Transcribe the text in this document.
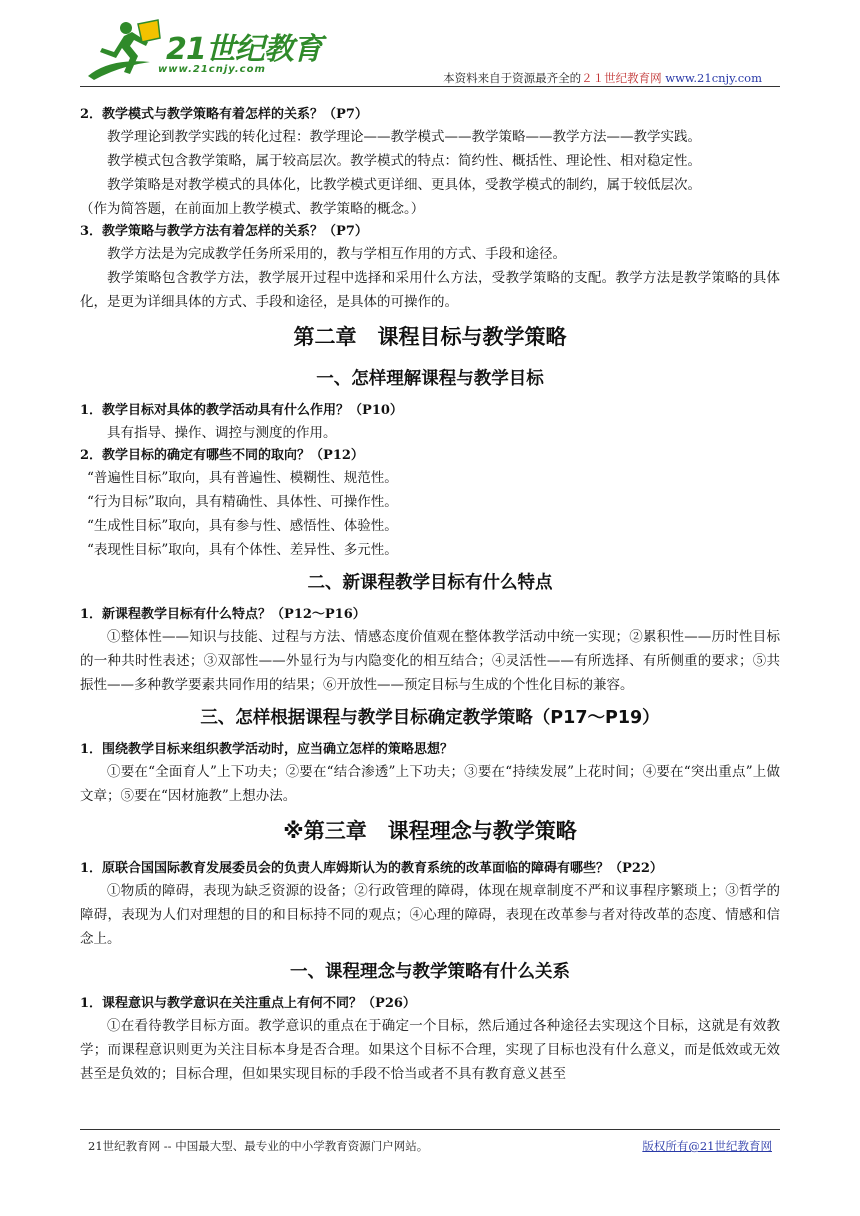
21世纪教育
www.21cnjy.com
本资料来自于资源最齐全的２１世纪教育网 www.21cnjy.com

2．教学模式与教学策略有着怎样的关系？（P7）

教学理论到教学实践的转化过程：教学理论——教学模式——教学策略——教学方法——教学实践。

教学模式包含教学策略，属于较高层次。教学模式的特点：简约性、概括性、理论性、相对稳定性。

教学策略是对教学模式的具体化，比教学模式更详细、更具体，受教学模式的制约，属于较低层次。

（作为简答题，在前面加上教学模式、教学策略的概念。）

3．教学策略与教学方法有着怎样的关系？（P7）

教学方法是为完成教学任务所采用的，教与学相互作用的方式、手段和途径。

教学策略包含教学方法，教学展开过程中选择和采用什么方法，受教学策略的支配。教学方法是教学策略的具体化，是更为详细具体的方式、手段和途径，是具体的可操作的。

第二章　课程目标与教学策略
一、怎样理解课程与教学目标

1．教学目标对具体的教学活动具有什么作用？（P10）

具有指导、操作、调控与测度的作用。

2．教学目标的确定有哪些不同的取向？（P12）

“普遍性目标”取向，具有普遍性、模糊性、规范性。

“行为目标”取向，具有精确性、具体性、可操作性。

“生成性目标”取向，具有参与性、感悟性、体验性。

“表现性目标”取向，具有个体性、差异性、多元性。

二、新课程教学目标有什么特点

1．新课程教学目标有什么特点？（P12～P16）

①整体性——知识与技能、过程与方法、情感态度价值观在整体教学活动中统一实现；②累积性——历时性目标的一种共时性表述；③双部性——外显行为与内隐变化的相互结合；④灵活性——有所选择、有所侧重的要求；⑤共振性——多种教学要素共同作用的结果；⑥开放性——预定目标与生成的个性化目标的兼容。

三、怎样根据课程与教学目标确定教学策略（P17～P19）

1．围绕教学目标来组织教学活动时，应当确立怎样的策略思想？

①要在“全面育人”上下功夫；②要在“结合渗透”上下功夫；③要在“持续发展”上花时间；④要在“突出重点”上做文章；⑤要在“因材施教”上想办法。

※第三章　课程理念与教学策略

1．原联合国国际教育发展委员会的负责人库姆斯认为的教育系统的改革面临的障碍有哪些？（P22）

①物质的障碍，表现为缺乏资源的设备；②行政管理的障碍，体现在规章制度不严和议事程序繁琐上；③哲学的障碍，表现为人们对理想的目的和目标持不同的观点；④心理的障碍，表现在改革参与者对待改革的态度、情感和信念上。

一、课程理念与教学策略有什么关系

1．课程意识与教学意识在关注重点上有何不同？（P26）

①在看待教学目标方面。教学意识的重点在于确定一个目标，然后通过各种途径去实现这个目标，这就是有效教学；而课程意识则更为关注目标本身是否合理。如果这个目标不合理，实现了目标也没有什么意义，而是低效或无效甚至是负效的；目标合理，但如果实现目标的手段不恰当或者不具有教育意义甚至

21世纪教育网 -- 中国最大型、最专业的中小学教育资源门户网站。	版权所有@21世纪教育网
